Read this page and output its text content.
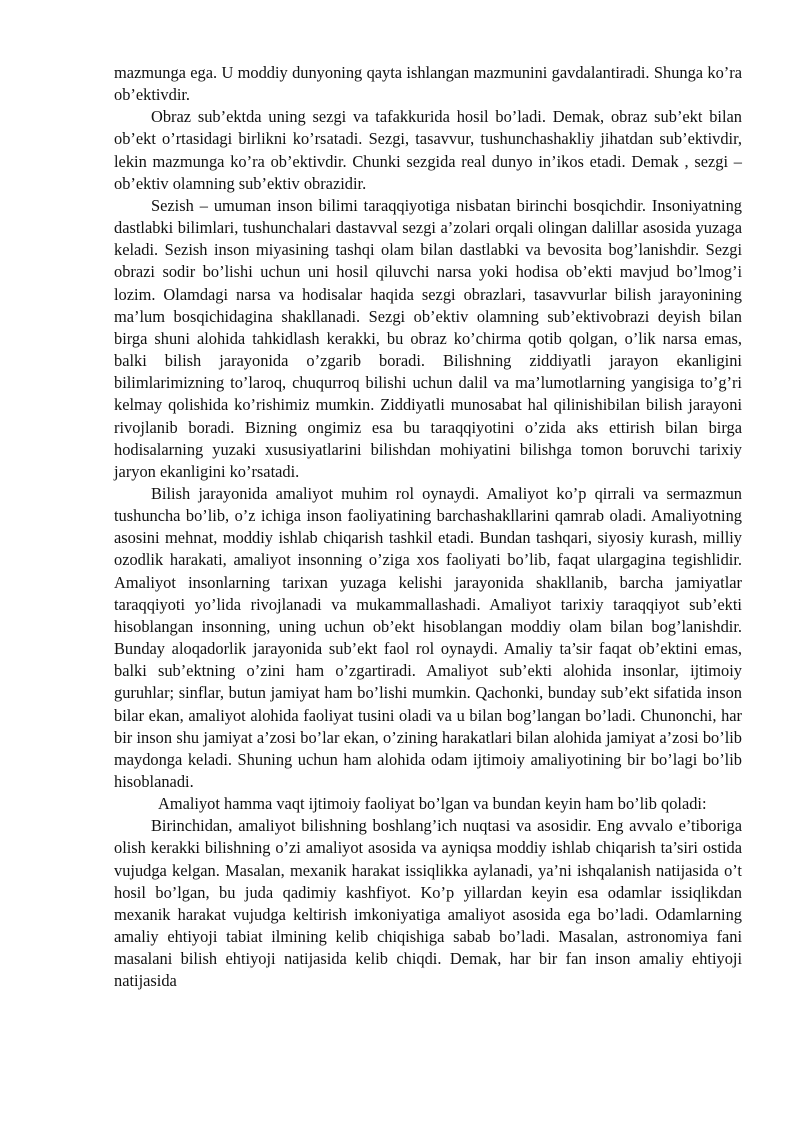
mazmunga ega. U moddiy dunyoning qayta ishlangan mazmunini gavdalantiradi. Shunga ko’ra ob’ektivdir.

Obraz sub’ektda uning sezgi va tafakkurida hosil bo’ladi. Demak, obraz sub’ekt bilan ob’ekt o’rtasidagi birlikni ko’rsatadi. Sezgi, tasavvur, tushunchashakliy jihatdan sub’ektivdir, lekin mazmunga ko’ra ob’ektivdir. Chunki sezgida real dunyo in’ikos etadi. Demak , sezgi – ob’ektiv olamning sub’ektiv obrazidir.

Sezish – umuman inson bilimi taraqqiyotiga nisbatan birinchi bosqichdir. Insoniyatning dastlabki bilimlari, tushunchalari dastavval sezgi a’zolari orqali olingan dalillar asosida yuzaga keladi. Sezish inson miyasining tashqi olam bilan dastlabki va bevosita bog’lanishdir. Sezgi obrazi sodir bo’lishi uchun uni hosil qiluvchi narsa yoki hodisa ob’ekti mavjud bo’lmog’i lozim. Olamdagi narsa va hodisalar haqida sezgi obrazlari, tasavvurlar bilish jarayonining ma’lum bosqichidagina shakllanadi. Sezgi ob’ektiv olamning sub’ektivobrazi deyish bilan birga shuni alohida tahkidlash kerakki, bu obraz ko’chirma qotib qolgan, o’lik narsa emas, balki bilish jarayonida o’zgarib boradi. Bilishning ziddiyatli jarayon ekanligini bilimlarimizning to’laroq, chuqurroq bilishi uchun dalil va ma’lumotlarning yangisiga to’g’ri kelmay qolishida ko’rishimiz mumkin. Ziddiyatli munosabat hal qilinishibilan bilish jarayoni rivojlanib boradi. Bizning ongimiz esa bu taraqqiyotini o’zida aks ettirish bilan birga hodisalarning yuzaki xususiyatlarini bilishdan mohiyatini bilishga tomon boruvchi tarixiy jaryon ekanligini ko’rsatadi.

Bilish jarayonida amaliyot muhim rol oynaydi. Amaliyot ko’p qirrali va sermazmun tushuncha bo’lib, o’z ichiga inson faoliyatining barchashakllarini qamrab oladi. Amaliyotning asosini mehnat, moddiy ishlab chiqarish tashkil etadi. Bundan tashqari, siyosiy kurash, milliy ozodlik harakati, amaliyot insonning o’ziga xos faoliyati bo’lib, faqat ulargagina tegishlidir. Amaliyot insonlarning tarixan yuzaga kelishi jarayonida shakllanib, barcha jamiyatlar taraqqiyoti yo’lida rivojlanadi va mukammallashadi. Amaliyot tarixiy taraqqiyot sub’ekti hisoblangan insonning, uning uchun ob’ekt hisoblangan moddiy olam bilan bog’lanishdir. Bunday aloqadorlik jarayonida sub’ekt faol rol oynaydi. Amaliy ta’sir faqat ob’ektini emas, balki sub’ektning o’zini ham o’zgartiradi. Amaliyot sub’ekti alohida insonlar, ijtimoiy guruhlar; sinflar, butun jamiyat ham bo’lishi mumkin. Qachonki, bunday sub’ekt sifatida inson bilar ekan, amaliyot alohida faoliyat tusini oladi va u bilan bog’langan bo’ladi. Chunonchi, har bir inson shu jamiyat a’zosi bo’lar ekan, o’zining harakatlari bilan alohida jamiyat a’zosi bo’lib maydonga keladi. Shuning uchun ham alohida odam ijtimoiy amaliyotining bir bo’lagi bo’lib hisoblanadi.

Amaliyot hamma vaqt ijtimoiy faoliyat bo’lgan va bundan keyin ham bo’lib qoladi:

Birinchidan, amaliyot bilishning boshlang’ich nuqtasi va asosidir. Eng avvalo e’tiboriga olish kerakki bilishning o’zi amaliyot asosida va ayniqsa moddiy ishlab chiqarish ta’siri ostida vujudga kelgan. Masalan, mexanik harakat issiqlikka aylanadi, ya’ni ishqalanish natijasida o’t hosil bo’lgan, bu juda qadimiy kashfiyot. Ko’p yillardan keyin esa odamlar issiqlikdan mexanik harakat vujudga keltirish imkoniyatiga amaliyot asosida ega bo’ladi. Odamlarning amaliy ehtiyoji tabiat ilmining kelib chiqishiga sabab bo’ladi. Masalan, astronomiya fani masalani bilish ehtiyoji natijasida kelib chiqdi. Demak, har bir fan inson amaliy ehtiyoji natijasida
